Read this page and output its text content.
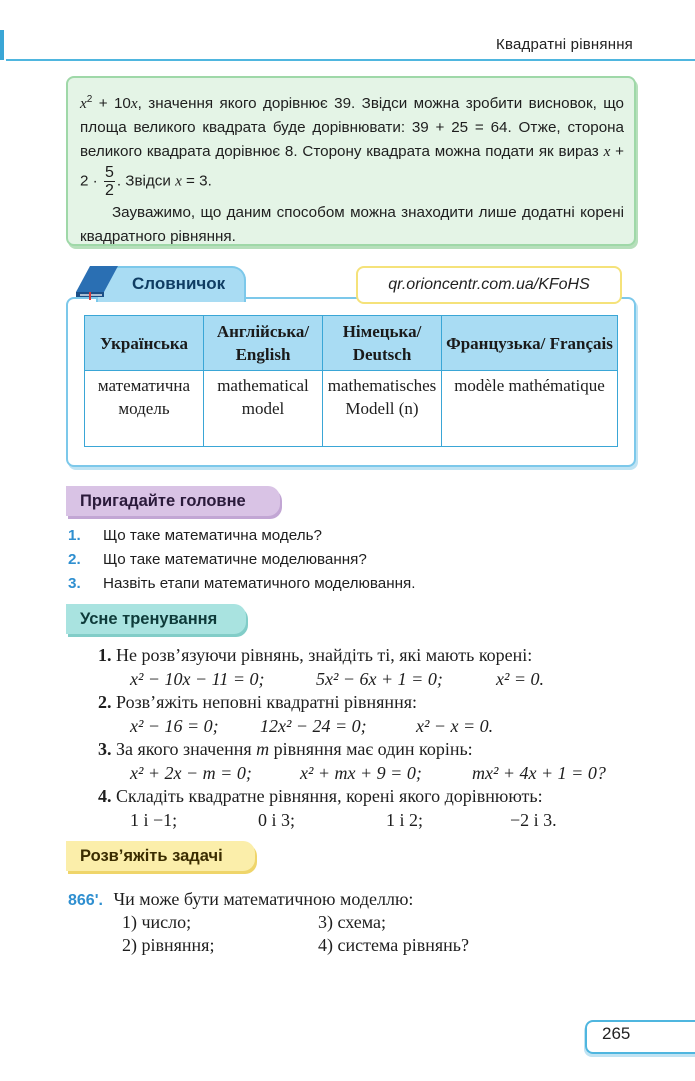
Квадратні рівняння

$x^2 + 10x$, значення якого дорівнює 39. Звідси можна зробити висновок, що площа великого квадрата буде дорівнювати: 39 + 25 = 64. Отже, сторона великого квадрата дорівнює 8. Сторону квадрата можна подати як вираз $x + 2 \cdot \frac{5}{2}$ . Звідси x = 3.

Зауважимо, що даним способом можна знаходити лише додатні корені квадратного рівняння.

Словничок	qr.orioncentr.com.ua/KFoHS
Українська	Англійська/ English	Німецька/ Deutsch	Французька/ Français
математична модель	mathematical model	mathematisches Modell (n)	modèle mathématique
Пригадайте головне
1. Що таке математична модель?
2. Що таке математичне моделювання?
3. Назвіть етапи математичного моделювання.
Усне тренування
1. Не розв’язуючи рівнянь, знайдіть ті, які мають корені:
x² − 10x − 11 = 0;	5x² − 6x + 1 = 0;	x² = 0.
2. Розв’яжіть неповні квадратні рівняння:
x² − 16 = 0; 12x² − 24 = 0;	x² − x = 0.
3. За якого значення m рівняння має один корінь:
x² + 2x − m = 0;	x² + mx + 9 = 0;	mx² + 4x + 1 = 0?
4. Складіть квадратне рівняння, корені якого дорівнюють:
1 і −1;	0 і 3;	1 і 2;	−2 і 3.
Розв’яжіть задачі
866ʹ. Чи може бути математичною моделлю:
1) число;	3) схема;
2) рівняння;	4) система рівнянь?
265
